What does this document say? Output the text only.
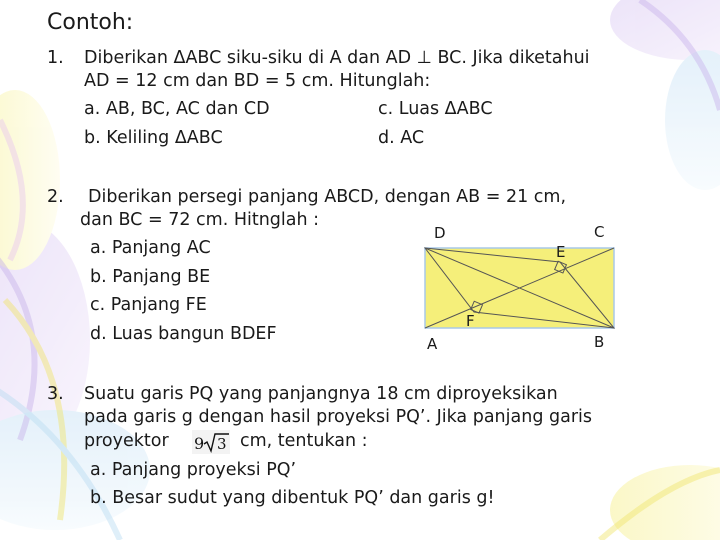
Contoh:
1. Diberikan ΔABC siku-siku di A dan AD ⊥ BC. Jika diketahui
AD = 12 cm dan BD = 5 cm. Hitunglah:
a. AB, BC, AC dan CD
b. Keliling ΔABC
c. Luas ΔABC
d. AC
2. Diberikan persegi panjang ABCD, dengan AB = 21 cm,
dan BC = 72 cm. Hitnglah :
a. Panjang AC
b. Panjang BE
c. Panjang FE
d. Luas bangun BDEF
D	C
E
F
A	B
3. Suatu garis PQ yang panjangnya 18 cm diproyeksikan
pada garis g dengan hasil proyeksi PQ’. Jika panjang garis
proyektor 9 3 cm, tentukan :
a. Panjang proyeksi PQ’
b. Besar sudut yang dibentuk PQ’ dan garis g!
